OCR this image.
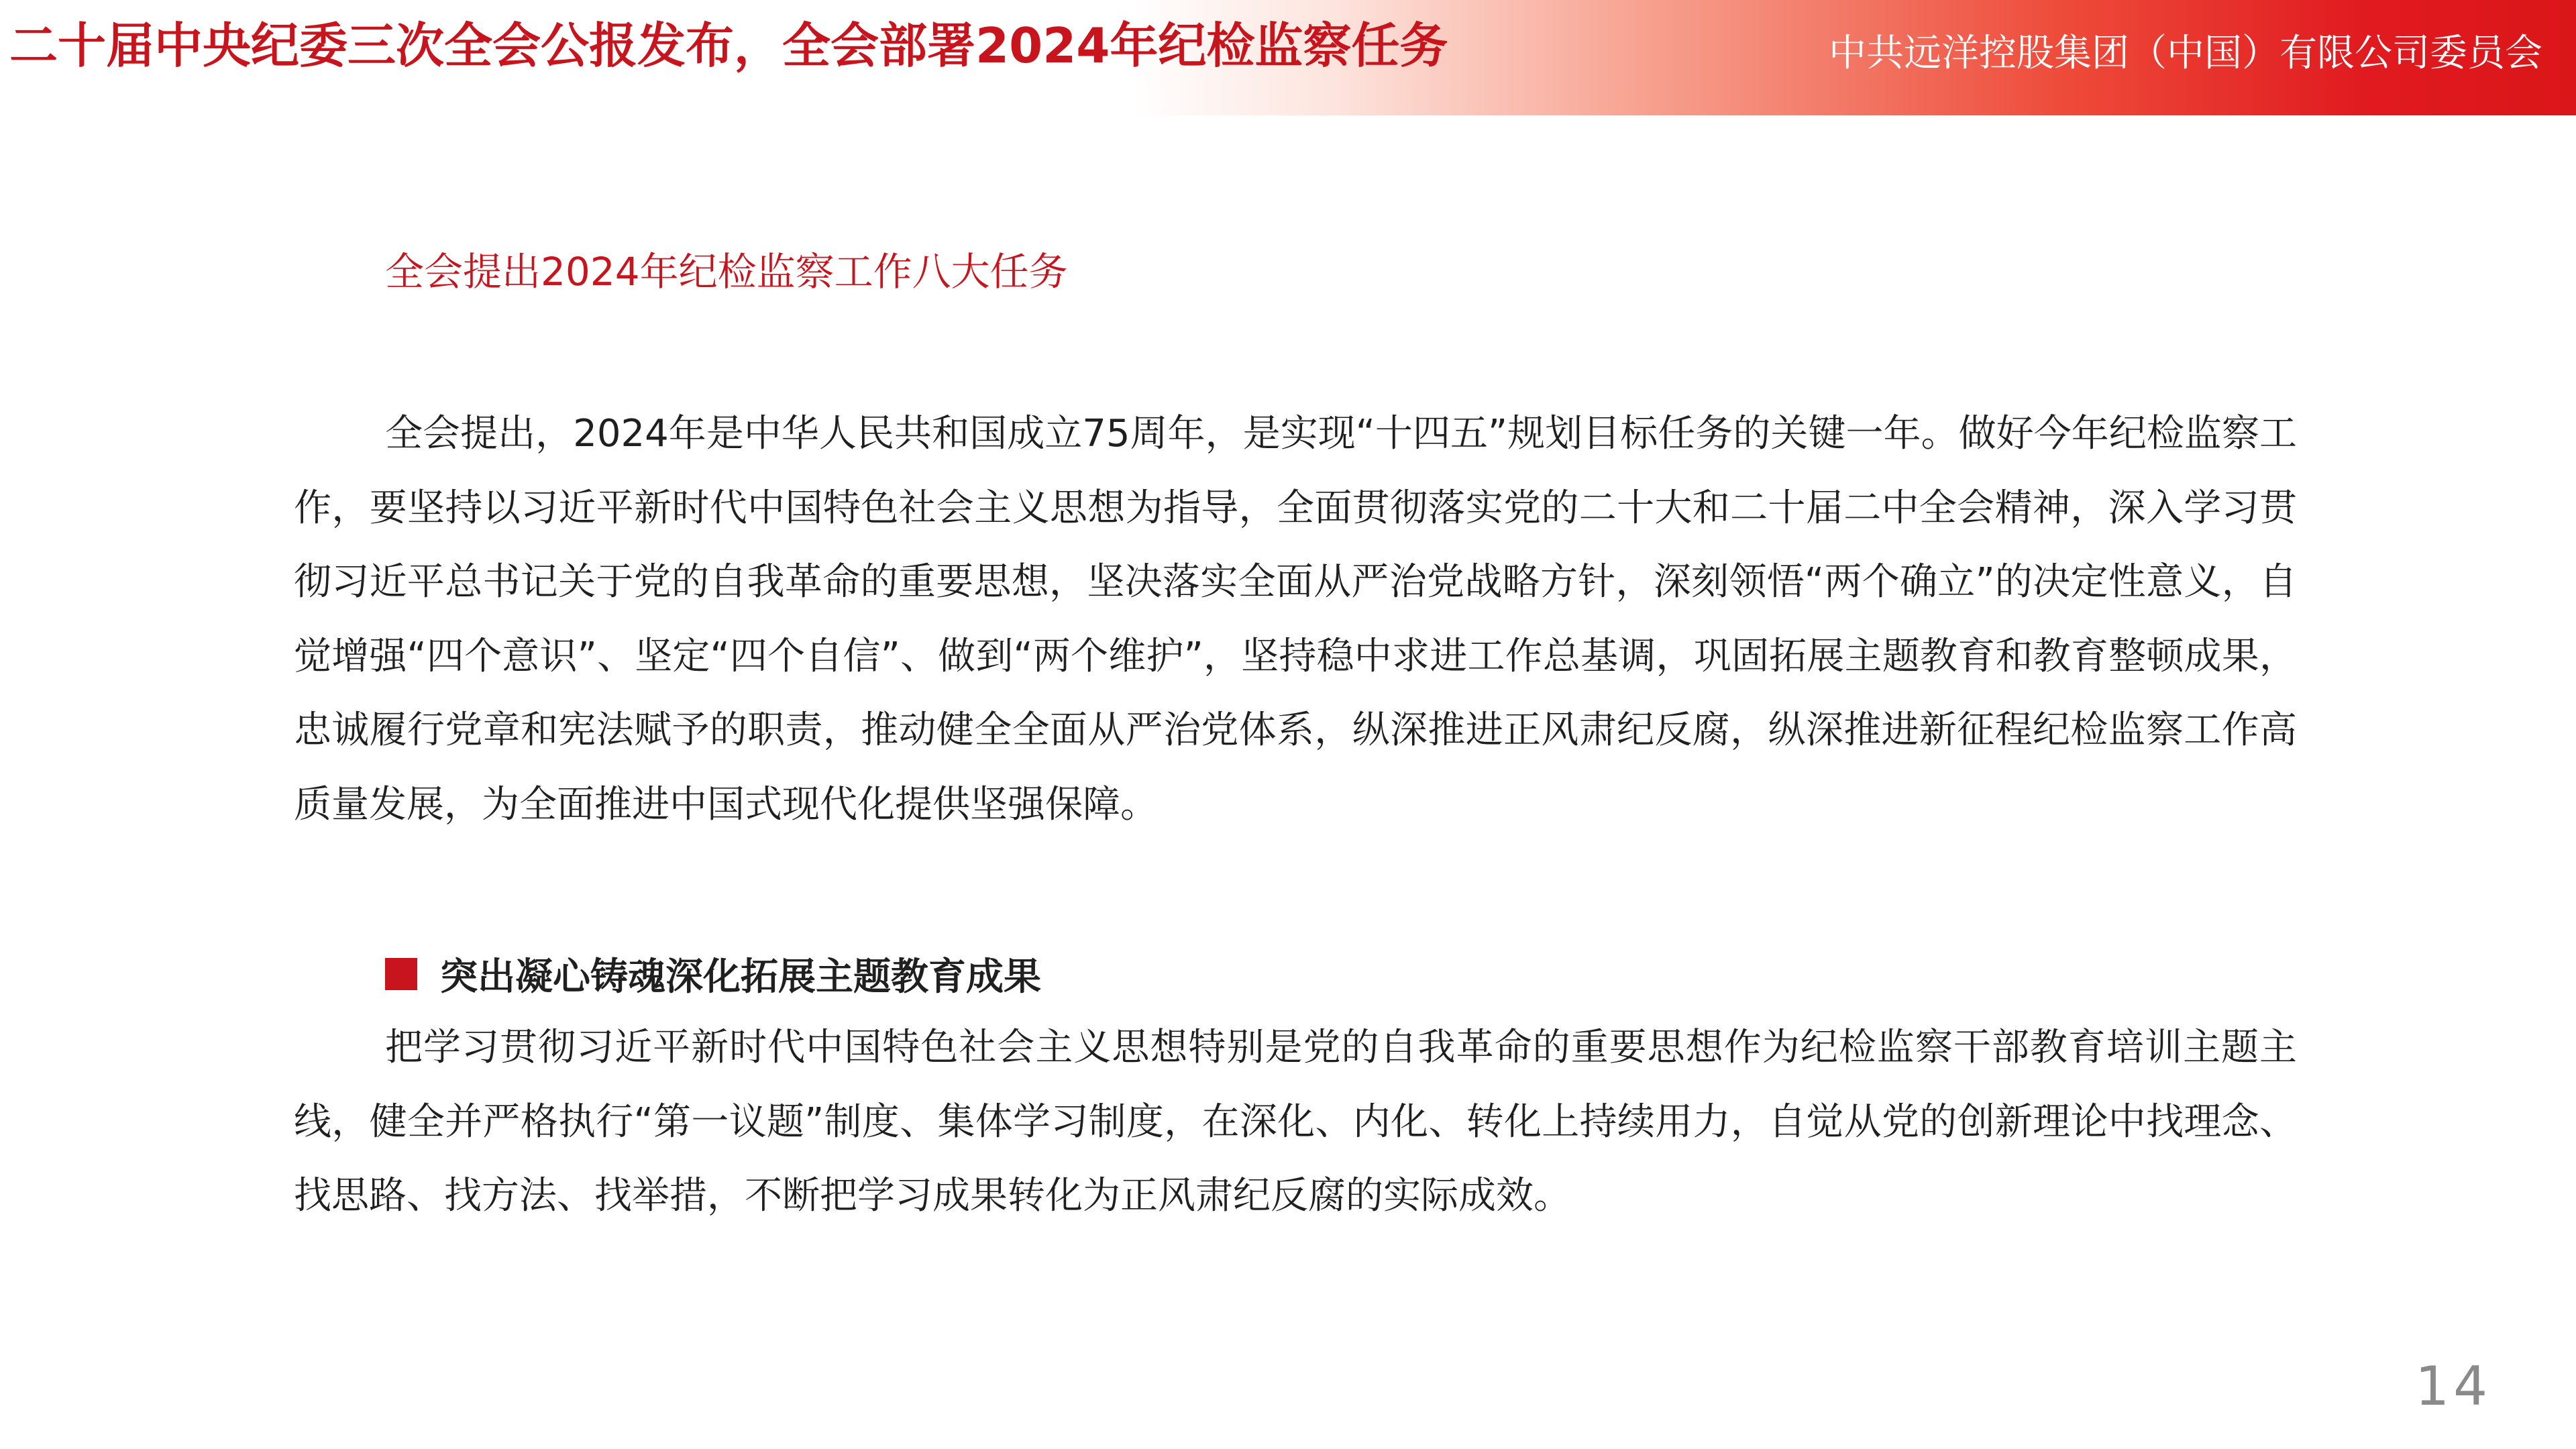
二十届中央纪委三次全会公报发布，全会部署2024年纪检监察任务	中共远洋控股集团（中国）有限公司委员会
全会提出2024年纪检监察工作八大任务

全会提出，2024年是中华人民共和国成立75周年，是实现“十四五”规划目标任务的关键一年。做好今年纪检监察工作，要坚持以习近平新时代中国特色社会主义思想为指导，全面贯彻落实党的二十大和二十届二中全会精神，深入学习贯彻习近平总书记关于党的自我革命的重要思想，坚决落实全面从严治党战略方针，深刻领悟“两个确立”的决定性意义，自觉增强“四个意识”、坚定“四个自信”、做到“两个维护”，坚持稳中求进工作总基调，巩固拓展主题教育和教育整顿成果，忠诚履行党章和宪法赋予的职责，推动健全全面从严治党体系，纵深推进正风肃纪反腐，纵深推进新征程纪检监察工作高质量发展，为全面推进中国式现代化提供坚强保障。

突出凝心铸魂深化拓展主题教育成果

把学习贯彻习近平新时代中国特色社会主义思想特别是党的自我革命的重要思想作为纪检监察干部教育培训主题主线，健全并严格执行“第一议题”制度、集体学习制度，在深化、内化、转化上持续用力，自觉从党的创新理论中找理念、找思路、找方法、找举措，不断把学习成果转化为正风肃纪反腐的实际成效。

14
